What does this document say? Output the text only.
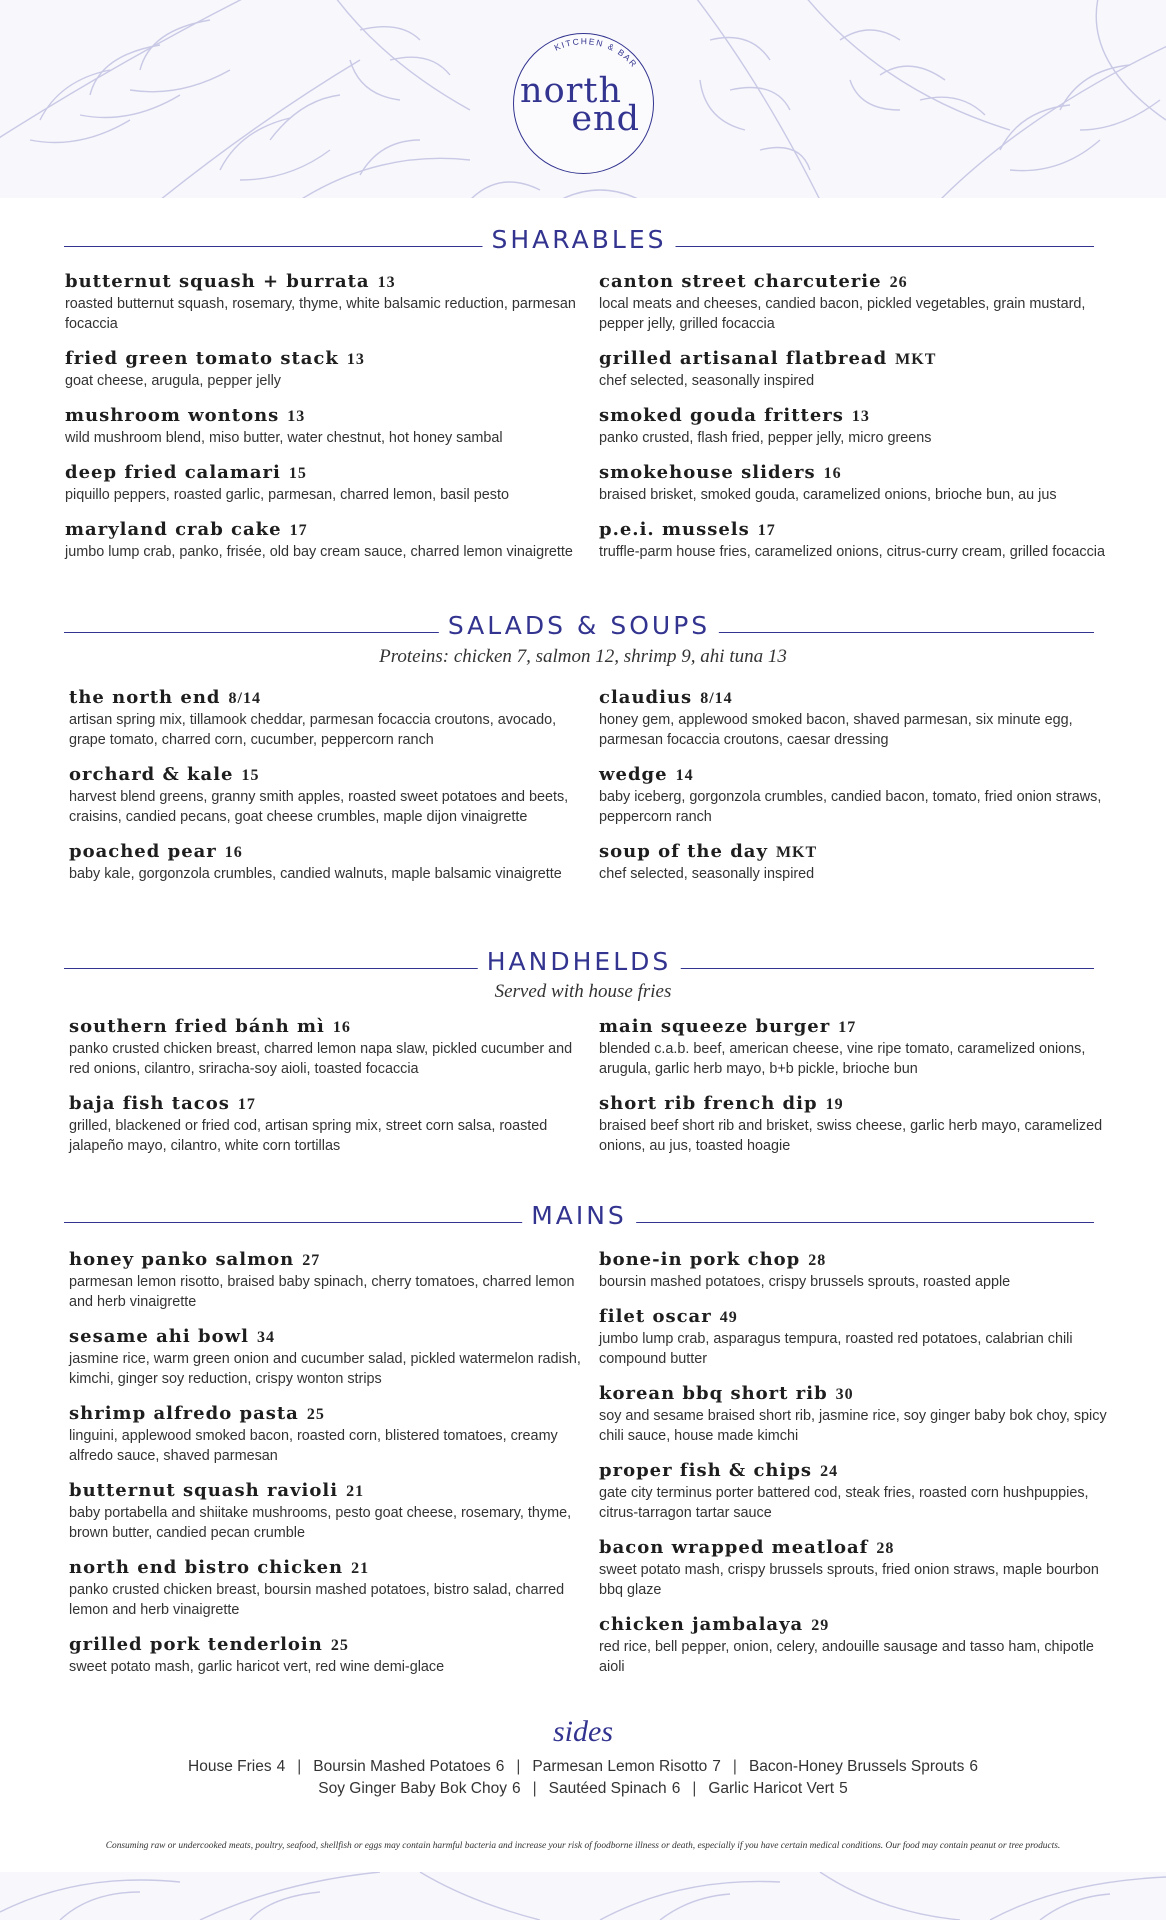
KITCHEN & BAR
north
end
SHARABLES
butternut squash + burrata 13
roasted butternut squash, rosemary, thyme, white balsamic reduction, parmesan focaccia
fried green tomato stack 13
goat cheese, arugula, pepper jelly
mushroom wontons 13
wild mushroom blend, miso butter, water chestnut, hot honey sambal
deep fried calamari 15
piquillo peppers, roasted garlic, parmesan, charred lemon, basil pesto
maryland crab cake 17
jumbo lump crab, panko, frisée, old bay cream sauce, charred lemon vinaigrette
canton street charcuterie 26
local meats and cheeses, candied bacon, pickled vegetables, grain mustard, pepper jelly, grilled focaccia
grilled artisanal flatbread MKT
chef selected, seasonally inspired
smoked gouda fritters 13
panko crusted, flash fried, pepper jelly, micro greens
smokehouse sliders 16
braised brisket, smoked gouda, caramelized onions, brioche bun, au jus
p.e.i. mussels 17
truffle-parm house fries, caramelized onions, citrus-curry cream, grilled focaccia
SALADS & SOUPS
Proteins: chicken 7, salmon 12, shrimp 9, ahi tuna 13
the north end 8/14
artisan spring mix, tillamook cheddar, parmesan focaccia croutons, avocado, grape tomato, charred corn, cucumber, peppercorn ranch
orchard & kale 15
harvest blend greens, granny smith apples, roasted sweet potatoes and beets, craisins, candied pecans, goat cheese crumbles, maple dijon vinaigrette
poached pear 16
baby kale, gorgonzola crumbles, candied walnuts, maple balsamic vinaigrette
claudius 8/14
honey gem, applewood smoked bacon, shaved parmesan, six minute egg, parmesan focaccia croutons, caesar dressing
wedge 14
baby iceberg, gorgonzola crumbles, candied bacon, tomato, fried onion straws, peppercorn ranch
soup of the day MKT
chef selected, seasonally inspired
HANDHELDS
Served with house fries
southern fried bánh mì 16
panko crusted chicken breast, charred lemon napa slaw, pickled cucumber and red onions, cilantro, sriracha-soy aioli, toasted focaccia
baja fish tacos 17
grilled, blackened or fried cod, artisan spring mix, street corn salsa, roasted jalapeño mayo, cilantro, white corn tortillas
main squeeze burger 17
blended c.a.b. beef, american cheese, vine ripe tomato, caramelized onions, arugula, garlic herb mayo, b+b pickle, brioche bun
short rib french dip 19
braised beef short rib and brisket, swiss cheese, garlic herb mayo, caramelized onions, au jus, toasted hoagie
MAINS
honey panko salmon 27
parmesan lemon risotto, braised baby spinach, cherry tomatoes, charred lemon and herb vinaigrette
sesame ahi bowl 34
jasmine rice, warm green onion and cucumber salad, pickled watermelon radish, kimchi, ginger soy reduction, crispy wonton strips
shrimp alfredo pasta 25
linguini, applewood smoked bacon, roasted corn, blistered tomatoes, creamy alfredo sauce, shaved parmesan
butternut squash ravioli 21
baby portabella and shiitake mushrooms, pesto goat cheese, rosemary, thyme, brown butter, candied pecan crumble
north end bistro chicken 21
panko crusted chicken breast, boursin mashed potatoes, bistro salad, charred lemon and herb vinaigrette
grilled pork tenderloin 25
sweet potato mash, garlic haricot vert, red wine demi-glace
bone-in pork chop 28
boursin mashed potatoes, crispy brussels sprouts, roasted apple
filet oscar 49
jumbo lump crab, asparagus tempura, roasted red potatoes, calabrian chili compound butter
korean bbq short rib 30
soy and sesame braised short rib, jasmine rice, soy ginger baby bok choy, spicy chili sauce, house made kimchi
proper fish & chips 24
gate city terminus porter battered cod, steak fries, roasted corn hushpuppies, citrus-tarragon tartar sauce
bacon wrapped meatloaf 28
sweet potato mash, crispy brussels sprouts, fried onion straws, maple bourbon bbq glaze
chicken jambalaya 29
red rice, bell pepper, onion, celery, andouille sausage and tasso ham, chipotle aioli
sides
House Fries 4 | Boursin Mashed Potatoes 6 | Parmesan Lemon Risotto 7 | Bacon-Honey Brussels Sprouts 6
Soy Ginger Baby Bok Choy 6 | Sautéed Spinach 6 | Garlic Haricot Vert 5
Consuming raw or undercooked meats, poultry, seafood, shellfish or eggs may contain harmful bacteria and increase your risk of foodborne illness or death, especially if you have certain medical conditions. Our food may contain peanut or tree products.
